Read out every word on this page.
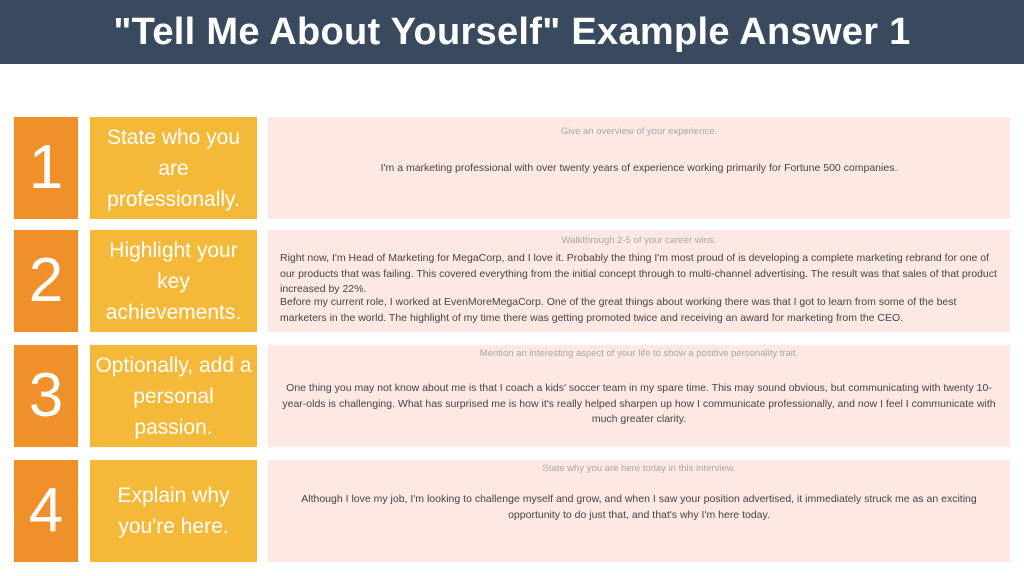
"Tell Me About Yourself" Example Answer 1
1	State who you are professionally.
Give an overview of your experience.
I'm a marketing professional with over twenty years of experience working primarily for Fortune 500 companies.
2	Highlight your key achievements.
Walkthrough 2-5 of your career wins.
Right now, I'm Head of Marketing for MegaCorp, and I love it. Probably the thing I'm most proud of is developing a complete marketing rebrand for one of our products that was failing. This covered everything from the initial concept through to multi-channel advertising. The result was that sales of that product increased by 22%.
Before my current role, I worked at EvenMoreMegaCorp. One of the great things about working there was that I got to learn from some of the best marketers in the world. The highlight of my time there was getting promoted twice and receiving an award for marketing from the CEO.
3 Optionally, add a personal passion.
Mention an interesting aspect of your life to show a positive personality trait.
One thing you may not know about me is that I coach a kids' soccer team in my spare time. This may sound obvious, but communicating with twenty 10-year-olds is challenging. What has surprised me is how it's really helped sharpen up how I communicate professionally, and now I feel I communicate with much greater clarity.
4	Explain why you're here.
State why you are here today in this interview.
Although I love my job, I'm looking to challenge myself and grow, and when I saw your position advertised, it immediately struck me as an exciting opportunity to do just that, and that's why I'm here today.
